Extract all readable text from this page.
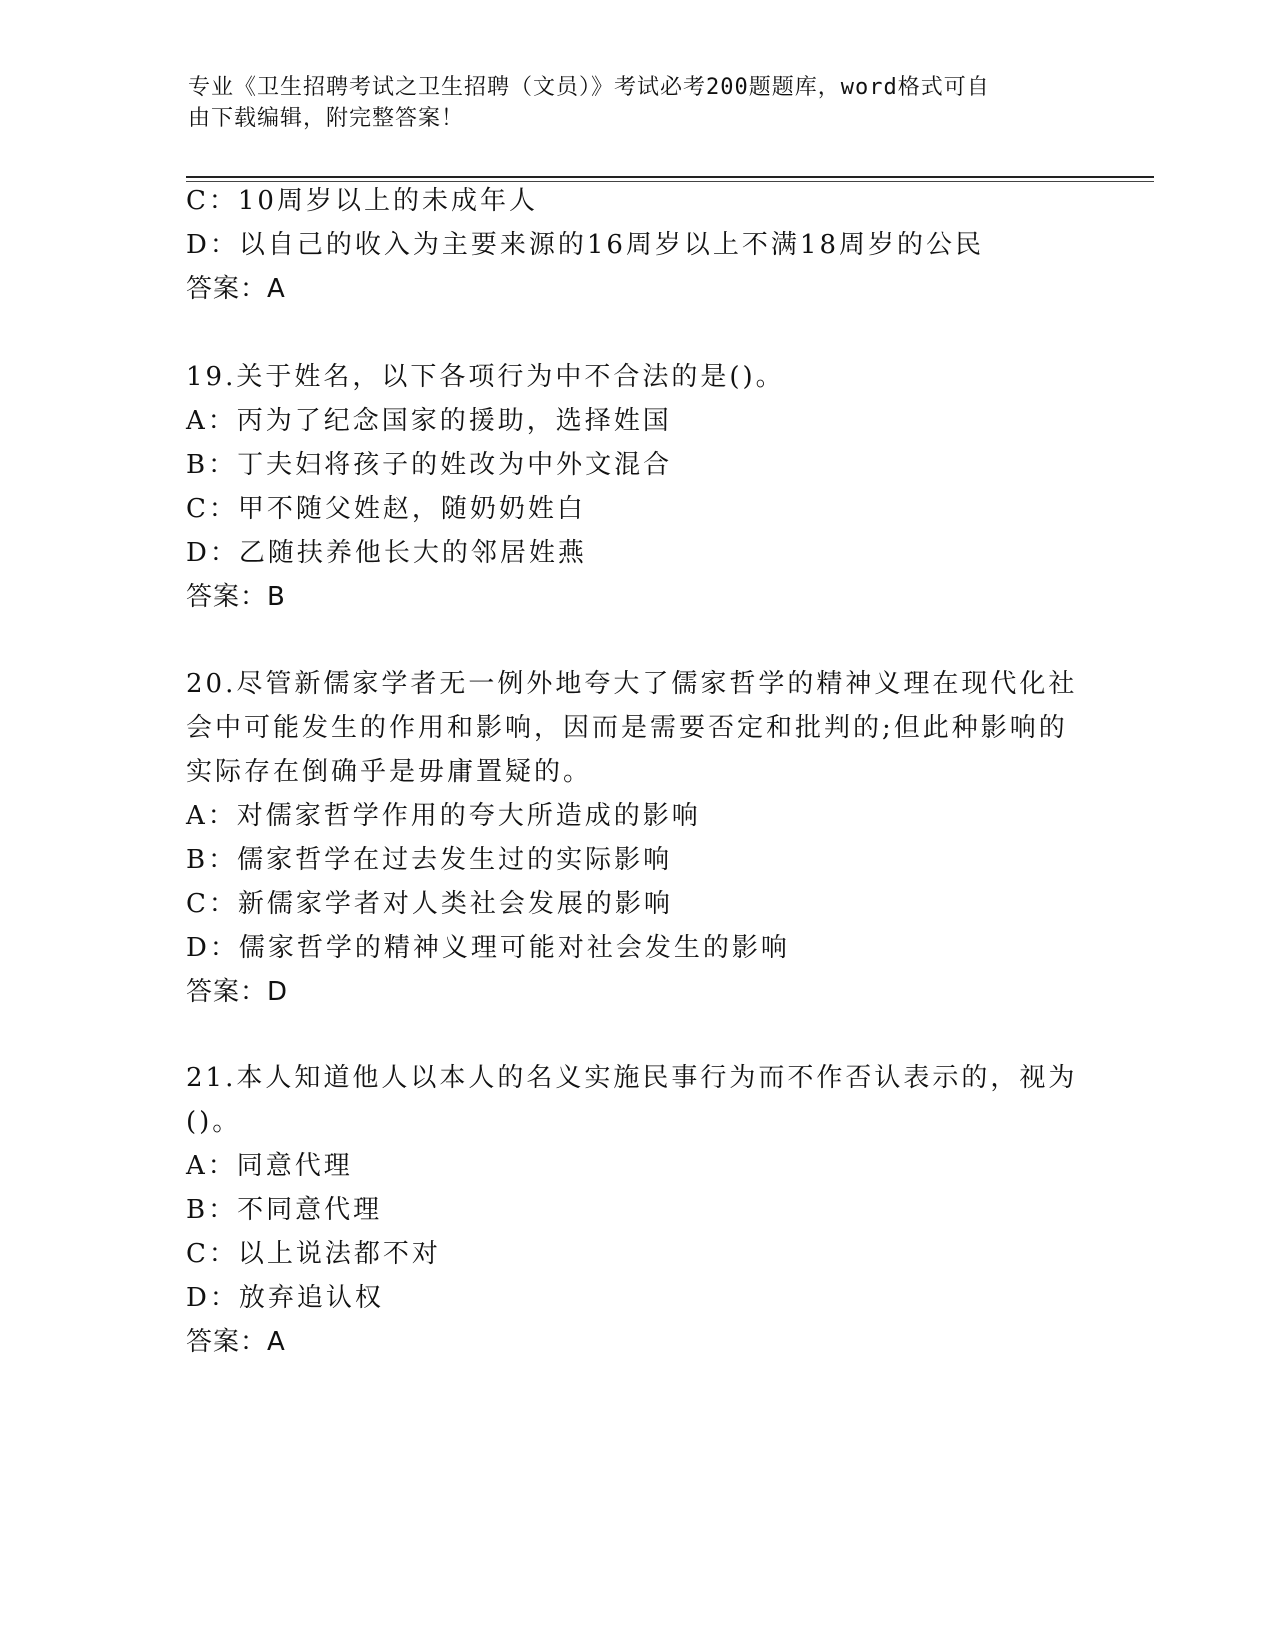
专业《卫生招聘考试之卫生招聘（文员）》考试必考200题题库，word格式可自
由下载编辑，附完整答案！
C：10周岁以上的未成年人
D：以自己的收入为主要来源的16周岁以上不满18周岁的公民
答案：A
19.关于姓名，以下各项行为中不合法的是()。
A：丙为了纪念国家的援助，选择姓国
B：丁夫妇将孩子的姓改为中外文混合
C：甲不随父姓赵，随奶奶姓白
D：乙随扶养他长大的邻居姓燕
答案：B
20.尽管新儒家学者无一例外地夸大了儒家哲学的精神义理在现代化社
会中可能发生的作用和影响，因而是需要否定和批判的;但此种影响的
实际存在倒确乎是毋庸置疑的。
A：对儒家哲学作用的夸大所造成的影响
B：儒家哲学在过去发生过的实际影响
C：新儒家学者对人类社会发展的影响
D：儒家哲学的精神义理可能对社会发生的影响
答案：D
21.本人知道他人以本人的名义实施民事行为而不作否认表示的，视为
()。
A：同意代理
B：不同意代理
C：以上说法都不对
D：放弃追认权
答案：A
